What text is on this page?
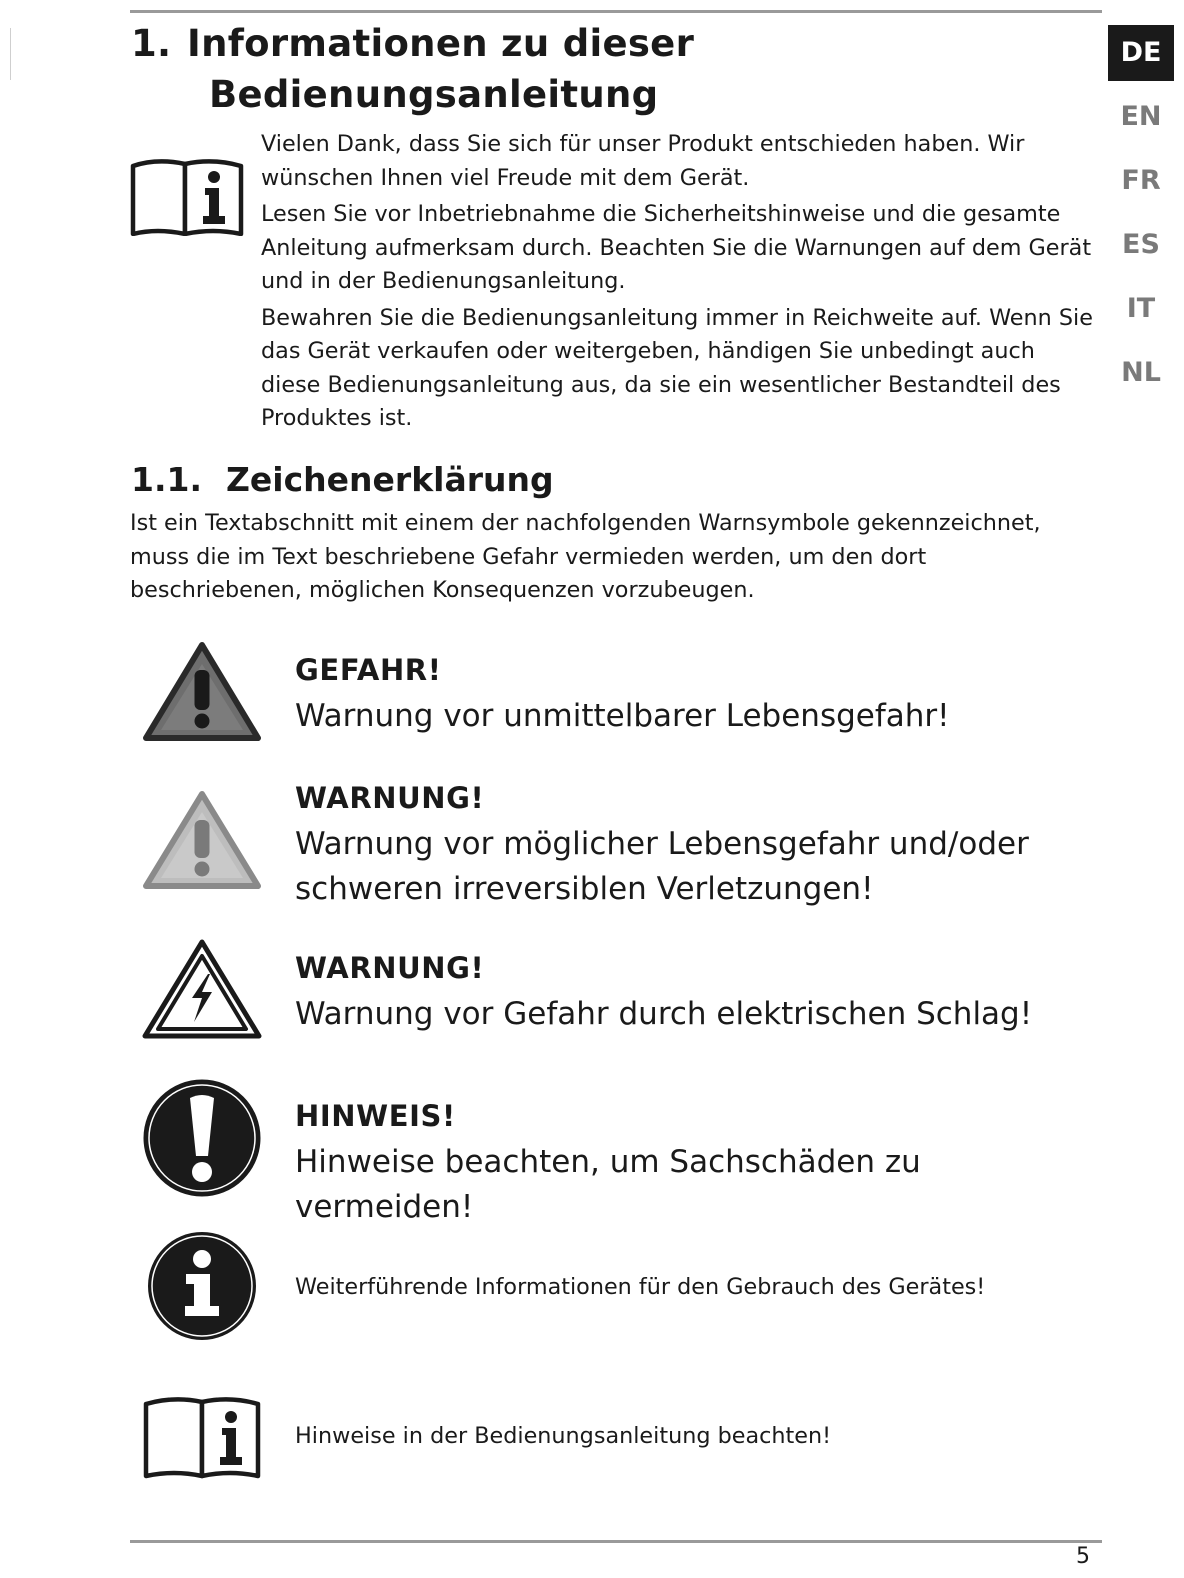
1. Informationen zu dieser
Bedienungsanleitung

Vielen Dank, dass Sie sich für unser Produkt entschieden haben. Wir wünschen Ihnen viel Freude mit dem Gerät.

Lesen Sie vor Inbetriebnahme die Sicherheitshinweise und die gesamte Anleitung aufmerksam durch. Beachten Sie die Warnungen auf dem Gerät und in der Bedienungsanleitung.

Bewahren Sie die Bedienungsanleitung immer in Reichweite auf. Wenn Sie das Gerät verkaufen oder weitergeben, händigen Sie unbedingt auch diese Bedienungsanleitung aus, da sie ein wesentlicher Bestandteil des Produktes ist.

1.1. Zeichenerklärung
Ist ein Textabschnitt mit einem der nachfolgenden Warnsymbole gekennzeichnet, muss die im Text beschriebene Gefahr vermieden werden, um den dort beschriebenen, möglichen Konsequenzen vorzubeugen.
GEFAHR!
Warnung vor unmittelbarer Lebensgefahr!
WARNUNG!
Warnung vor möglicher Lebensgefahr und/oder schweren irreversiblen Verletzungen!
WARNUNG!
Warnung vor Gefahr durch elektrischen Schlag!
HINWEIS!
Hinweise beachten, um Sachschäden zu vermeiden!
Weiterführende Informationen für den Gebrauch des Gerätes!
Hinweise in der Bedienungsanleitung beachten!
DE
EN
FR
ES
IT
NL
5
